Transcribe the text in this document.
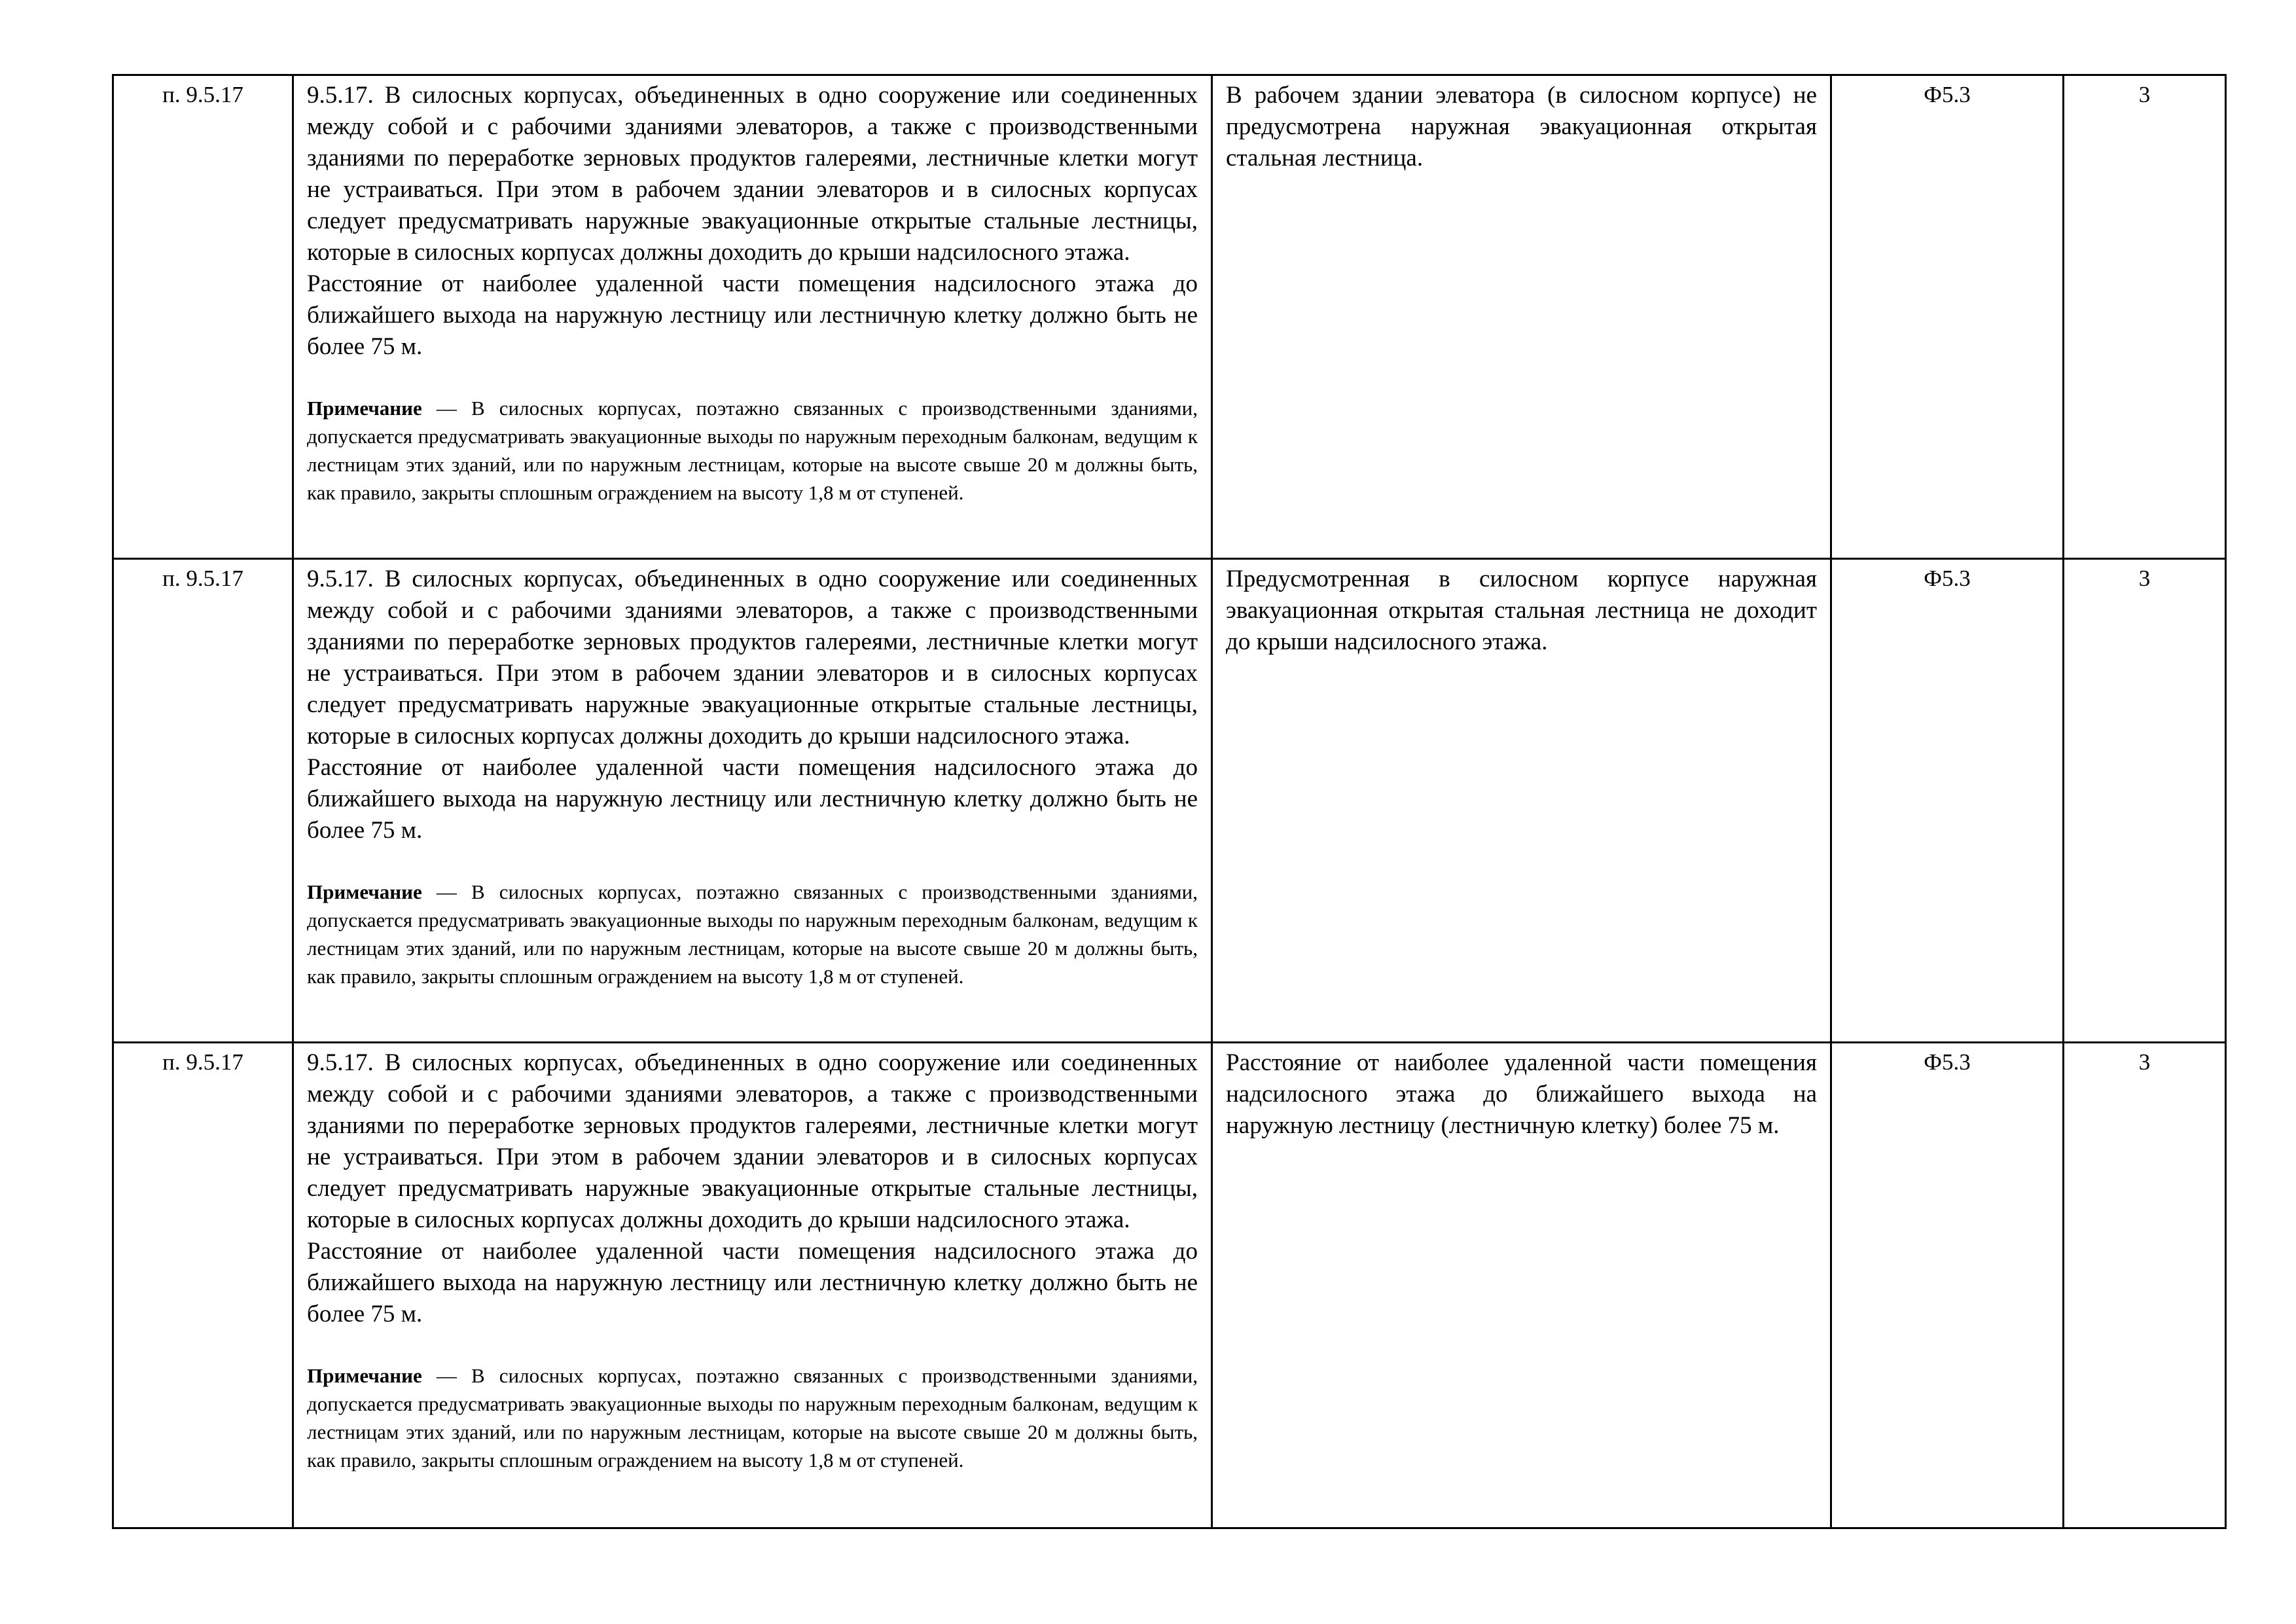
п. 9.5.17	9.5.17. В силосных корпусах, объединенных в одно сооружение или соединенных между собой и с рабочими зданиями элеваторов, а также с производственными зданиями по переработке зерновых продуктов галереями, лестничные клетки могут не устраиваться. При этом в рабочем здании элеваторов и в силосных корпусах следует предусматривать наружные эвакуационные открытые стальные лестницы, которые в силосных корпусах должны доходить до крыши надсилосного этажа.

Расстояние от наиболее удаленной части помещения надсилосного этажа до ближайшего выхода на наружную лестницу или лестничную клетку должно быть не более 75 м.

Примечание — В силосных корпусах, поэтажно связанных с производственными зданиями, допускается предусматривать эвакуационные выходы по наружным переходным балконам, ведущим к лестницам этих зданий, или по наружным лестницам, которые на высоте свыше 20 м должны быть, как правило, закрыты сплошным ограждением на высоту 1,8 м от ступеней.	В рабочем здании элеватора (в силосном корпусе) не предусмотрена наружная эвакуационная открытая стальная лестница.	Ф5.3	3
п. 9.5.17	9.5.17. В силосных корпусах, объединенных в одно сооружение или соединенных между собой и с рабочими зданиями элеваторов, а также с производственными зданиями по переработке зерновых продуктов галереями, лестничные клетки могут не устраиваться. При этом в рабочем здании элеваторов и в силосных корпусах следует предусматривать наружные эвакуационные открытые стальные лестницы, которые в силосных корпусах должны доходить до крыши надсилосного этажа.

Расстояние от наиболее удаленной части помещения надсилосного этажа до ближайшего выхода на наружную лестницу или лестничную клетку должно быть не более 75 м.

Примечание — В силосных корпусах, поэтажно связанных с производственными зданиями, допускается предусматривать эвакуационные выходы по наружным переходным балконам, ведущим к лестницам этих зданий, или по наружным лестницам, которые на высоте свыше 20 м должны быть, как правило, закрыты сплошным ограждением на высоту 1,8 м от ступеней.	Предусмотренная в силосном корпусе наружная эвакуационная открытая стальная лестница не доходит до крыши надсилосного этажа.	Ф5.3	3
п. 9.5.17	9.5.17. В силосных корпусах, объединенных в одно сооружение или соединенных между собой и с рабочими зданиями элеваторов, а также с производственными зданиями по переработке зерновых продуктов галереями, лестничные клетки могут не устраиваться. При этом в рабочем здании элеваторов и в силосных корпусах следует предусматривать наружные эвакуационные открытые стальные лестницы, которые в силосных корпусах должны доходить до крыши надсилосного этажа.

Расстояние от наиболее удаленной части помещения надсилосного этажа до ближайшего выхода на наружную лестницу или лестничную клетку должно быть не более 75 м.

Примечание — В силосных корпусах, поэтажно связанных с производственными зданиями, допускается предусматривать эвакуационные выходы по наружным переходным балконам, ведущим к лестницам этих зданий, или по наружным лестницам, которые на высоте свыше 20 м должны быть, как правило, закрыты сплошным ограждением на высоту 1,8 м от ступеней.	Расстояние от наиболее удаленной части помещения надсилосного этажа до ближайшего выхода на наружную лестницу (лестничную клетку) более 75 м.	Ф5.3	3
